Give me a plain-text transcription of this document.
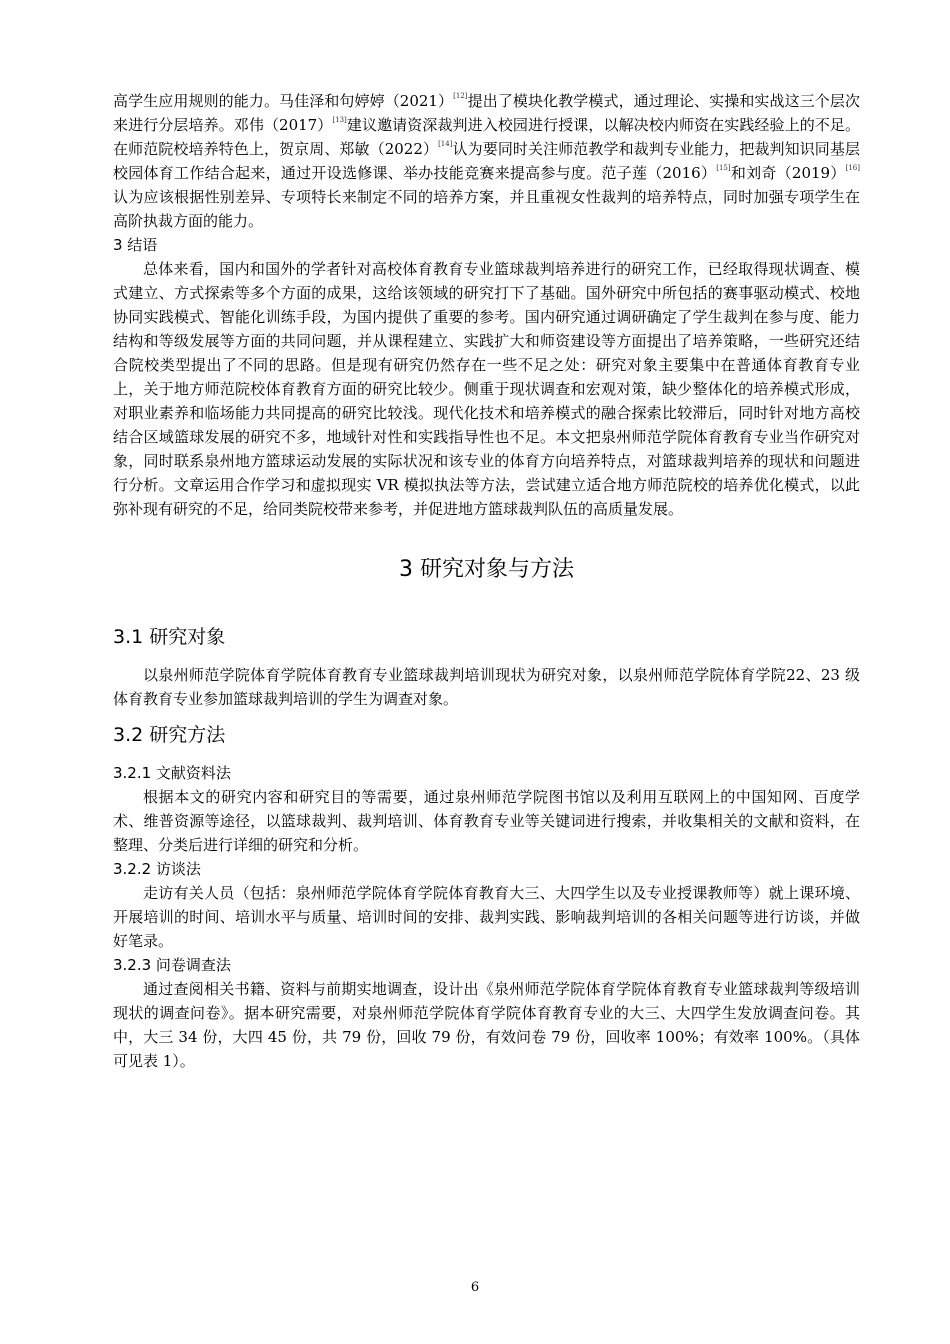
高学生应用规则的能力。马佳泽和句婷婷（2021）[12]提出了模块化教学模式，通过理论、实操和实战这三个层次来进行分层培养。邓伟（2017）[13]建议邀请资深裁判进入校园进行授课，以解决校内师资在实践经验上的不足。在师范院校培养特色上，贺京周、郑敏（2022）[14]认为要同时关注师范教学和裁判专业能力，把裁判知识同基层校园体育工作结合起来，通过开设选修课、举办技能竞赛来提高参与度。范子莲（2016）[15]和刘奇（2019）[16]认为应该根据性别差异、专项特长来制定不同的培养方案，并且重视女性裁判的培养特点，同时加强专项学生在高阶执裁方面的能力。

3 结语

总体来看，国内和国外的学者针对高校体育教育专业篮球裁判培养进行的研究工作，已经取得现状调查、模式建立、方式探索等多个方面的成果，这给该领域的研究打下了基础。国外研究中所包括的赛事驱动模式、校地协同实践模式、智能化训练手段，为国内提供了重要的参考。国内研究通过调研确定了学生裁判在参与度、能力结构和等级发展等方面的共同问题，并从课程建立、实践扩大和师资建设等方面提出了培养策略，一些研究还结合院校类型提出了不同的思路。但是现有研究仍然存在一些不足之处：研究对象主要集中在普通体育教育专业上，关于地方师范院校体育教育方面的研究比较少。侧重于现状调查和宏观对策，缺少整体化的培养模式形成，对职业素养和临场能力共同提高的研究比较浅。现代化技术和培养模式的融合探索比较滞后，同时针对地方高校结合区域篮球发展的研究不多，地域针对性和实践指导性也不足。本文把泉州师范学院体育教育专业当作研究对象，同时联系泉州地方篮球运动发展的实际状况和该专业的体育方向培养特点，对篮球裁判培养的现状和问题进行分析。文章运用合作学习和虚拟现实 VR 模拟执法等方法，尝试建立适合地方师范院校的培养优化模式，以此弥补现有研究的不足，给同类院校带来参考，并促进地方篮球裁判队伍的高质量发展。

3 研究对象与方法
3.1 研究对象

以泉州师范学院体育学院体育教育专业篮球裁判培训现状为研究对象，以泉州师范学院体育学院22、23 级体育教育专业参加篮球裁判培训的学生为调查对象。

3.2 研究方法
3.2.1 文献资料法

根据本文的研究内容和研究目的等需要，通过泉州师范学院图书馆以及利用互联网上的中国知网、百度学术、维普资源等途径，以篮球裁判、裁判培训、体育教育专业等关键词进行搜索，并收集相关的文献和资料，在整理、分类后进行详细的研究和分析。

3.2.2 访谈法

走访有关人员（包括：泉州师范学院体育学院体育教育大三、大四学生以及专业授课教师等）就上课环境、开展培训的时间、培训水平与质量、培训时间的安排、裁判实践、影响裁判培训的各相关问题等进行访谈，并做好笔录。

3.2.3 问卷调查法

通过查阅相关书籍、资料与前期实地调查，设计出《泉州师范学院体育学院体育教育专业篮球裁判等级培训现状的调查问卷》。据本研究需要，对泉州师范学院体育学院体育教育专业的大三、大四学生发放调查问卷。其中，大三 34 份，大四 45 份，共 79 份，回收 79 份，有效问卷 79 份，回收率 100%；有效率 100%。（具体可见表 1）。

6
